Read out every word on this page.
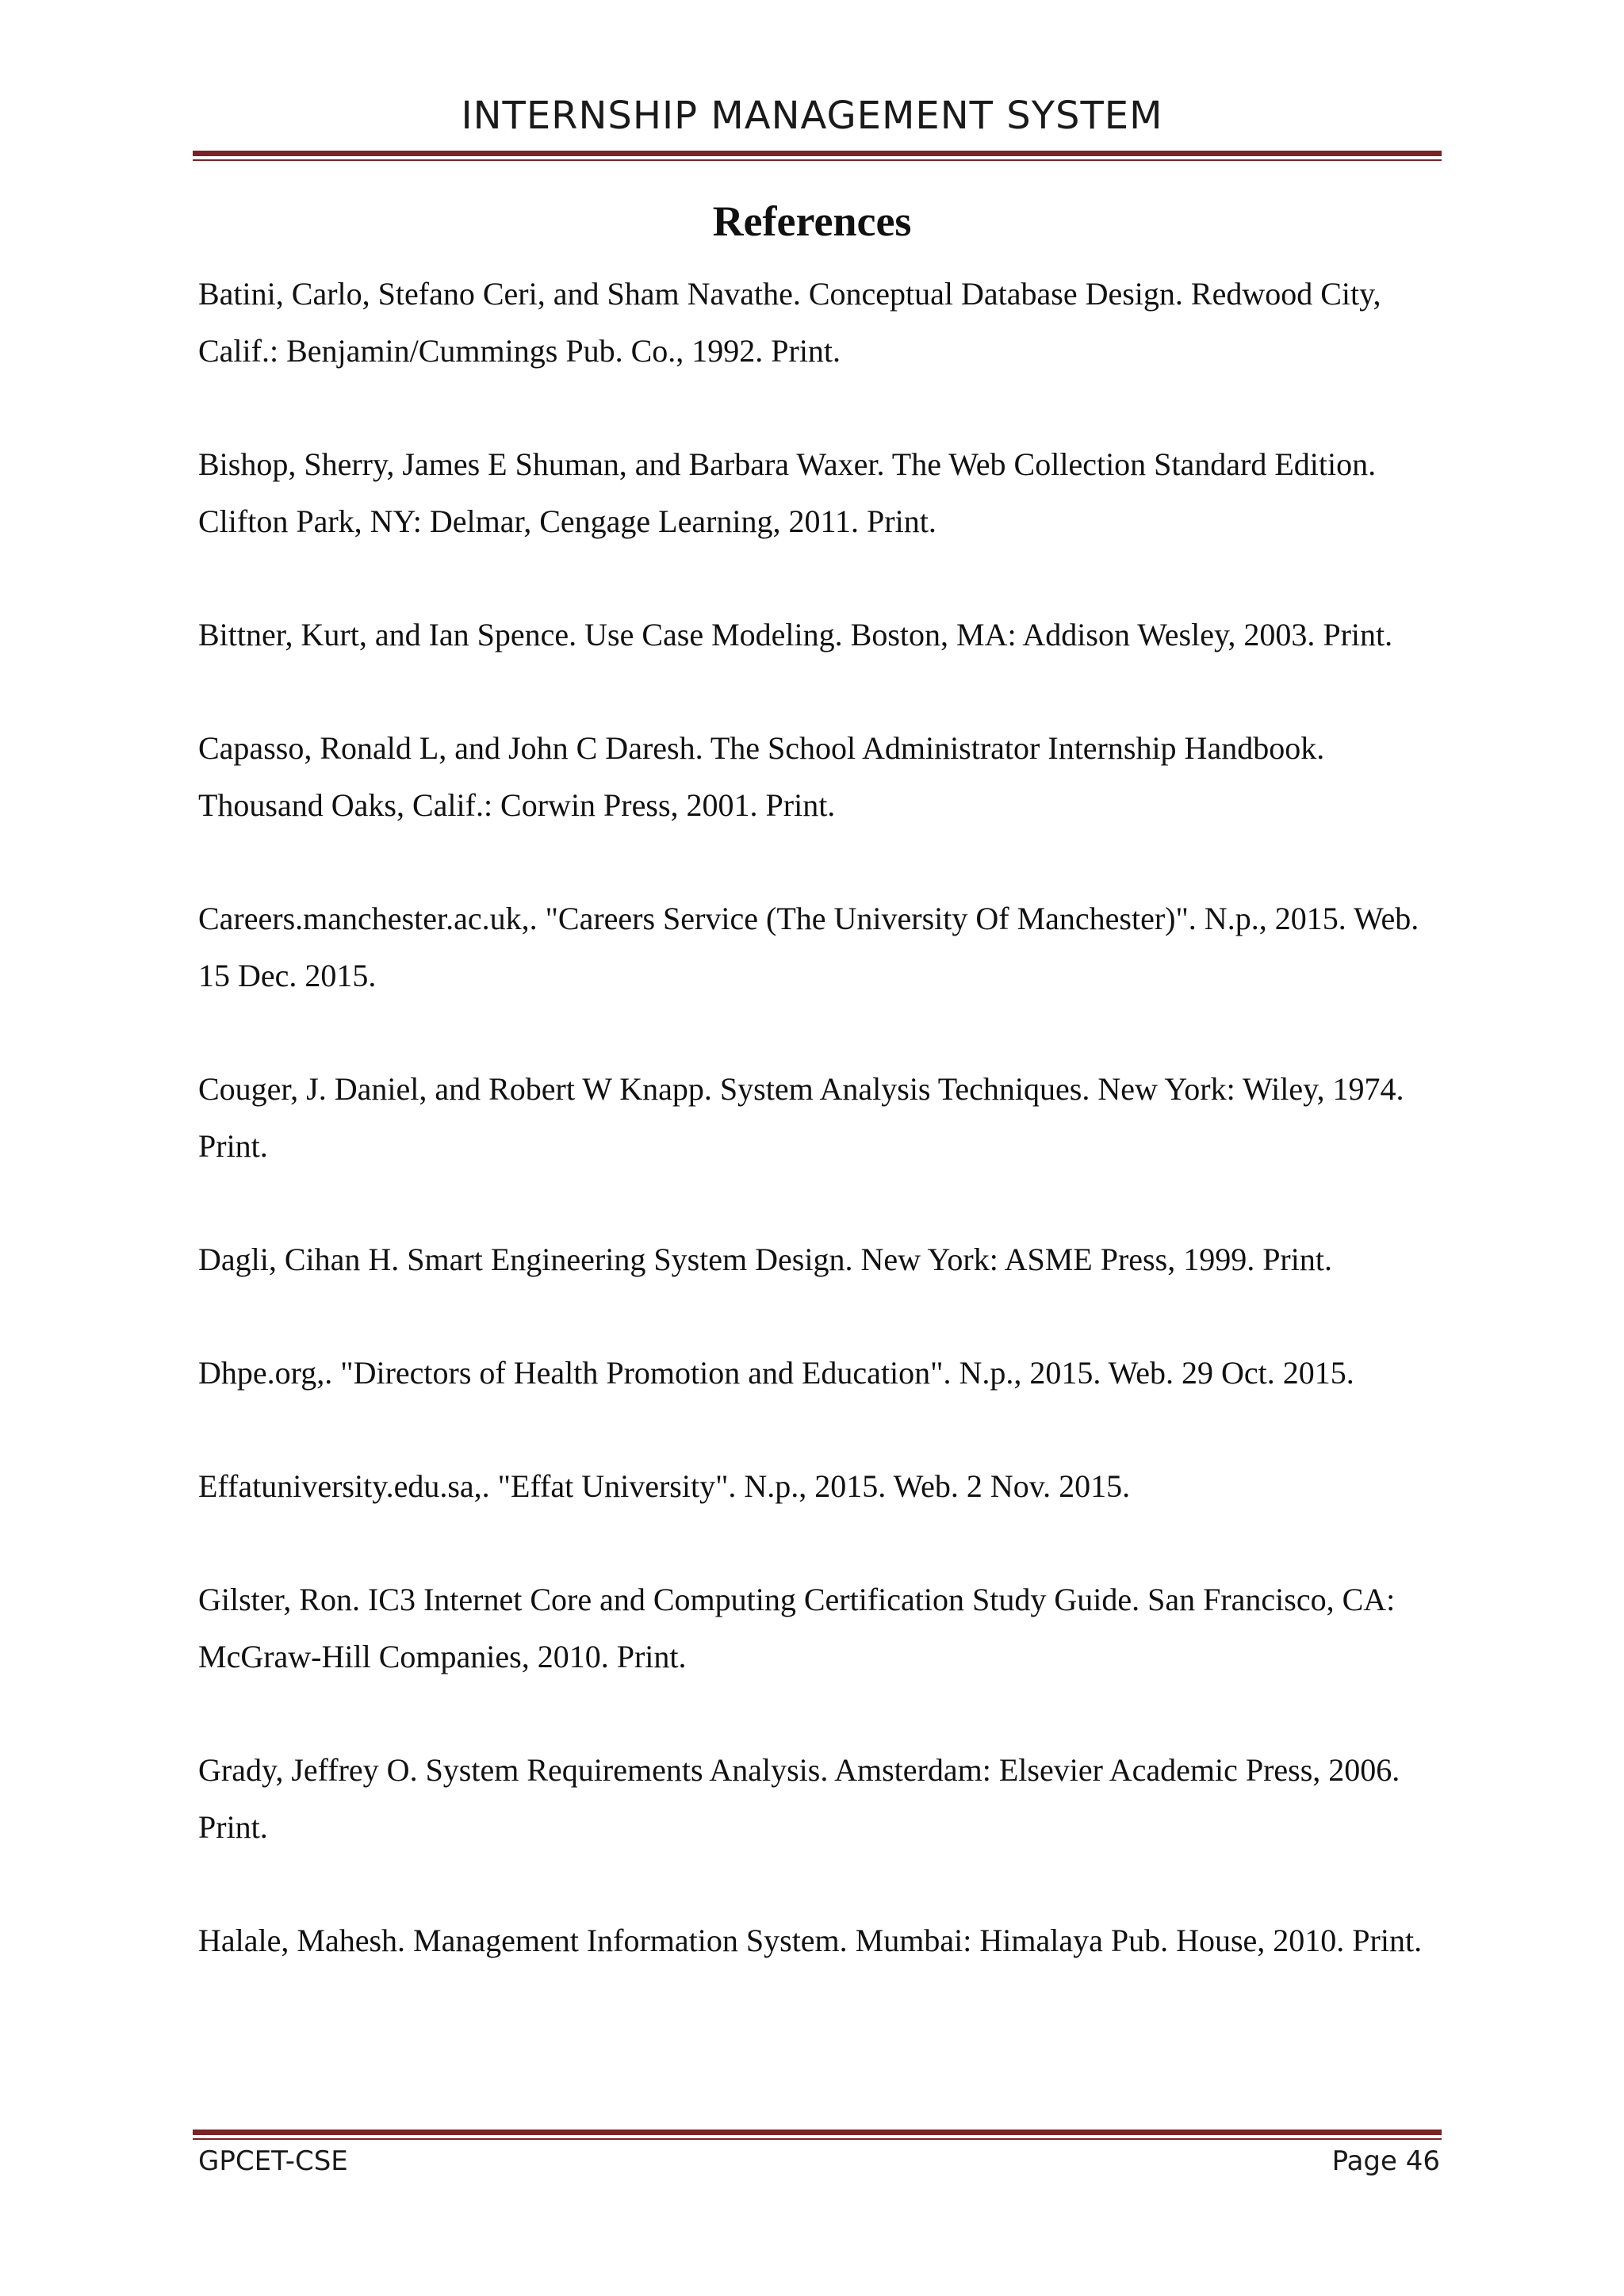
INTERNSHIP MANAGEMENT SYSTEM
References
Batini, Carlo, Stefano Ceri, and Sham Navathe. Conceptual Database Design. Redwood City, Calif.: Benjamin/Cummings Pub. Co., 1992. Print.
Bishop, Sherry, James E Shuman, and Barbara Waxer. The Web Collection Standard Edition. Clifton Park, NY: Delmar, Cengage Learning, 2011. Print.
Bittner, Kurt, and Ian Spence. Use Case Modeling. Boston, MA: Addison Wesley, 2003. Print.
Capasso, Ronald L, and John C Daresh. The School Administrator Internship Handbook. Thousand Oaks, Calif.: Corwin Press, 2001. Print.
Careers.manchester.ac.uk,. "Careers Service (The University Of Manchester)". N.p., 2015. Web. 15 Dec. 2015.
Couger, J. Daniel, and Robert W Knapp. System Analysis Techniques. New York: Wiley, 1974. Print.
Dagli, Cihan H. Smart Engineering System Design. New York: ASME Press, 1999. Print.
Dhpe.org,. "Directors of Health Promotion and Education". N.p., 2015. Web. 29 Oct. 2015.
Effatuniversity.edu.sa,. "Effat University". N.p., 2015. Web. 2 Nov. 2015.
Gilster, Ron. IC3 Internet Core and Computing Certification Study Guide. San Francisco, CA: McGraw-Hill Companies, 2010. Print.
Grady, Jeffrey O. System Requirements Analysis. Amsterdam: Elsevier Academic Press, 2006. Print.
Halale, Mahesh. Management Information System. Mumbai: Himalaya Pub. House, 2010. Print.
GPCET-CSE	Page 46
